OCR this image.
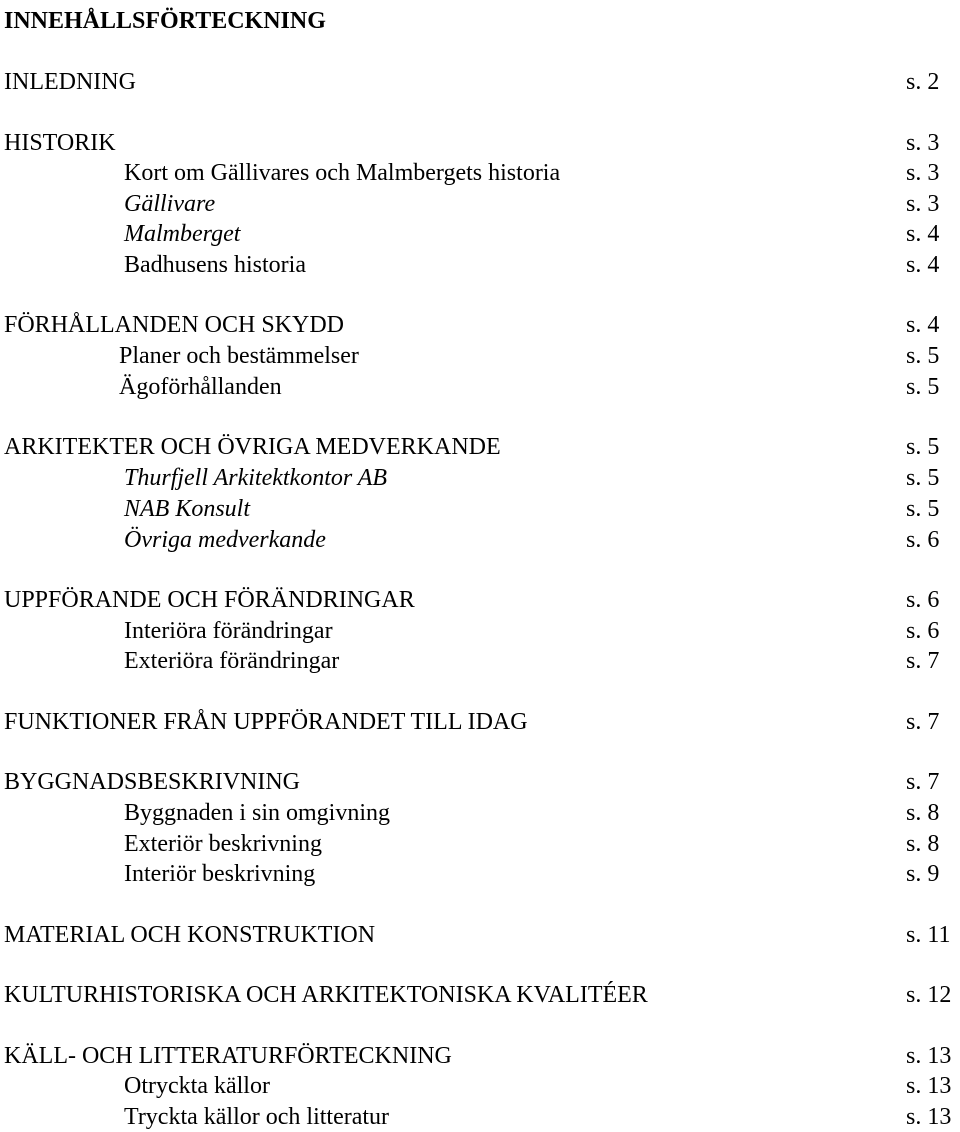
INNEHÅLLSFÖRTECKNING
INLEDNING	s. 2
HISTORIK	s. 3
Kort om Gällivares och Malmbergets historia	s. 3
Gällivare	s. 3
Malmberget	s. 4
Badhusens historia	s. 4
FÖRHÅLLANDEN OCH SKYDD	s. 4
Planer och bestämmelser	s. 5
Ägoförhållanden	s. 5
ARKITEKTER OCH ÖVRIGA MEDVERKANDE	s. 5
Thurfjell Arkitektkontor AB	s. 5
NAB Konsult	s. 5
Övriga medverkande	s. 6
UPPFÖRANDE OCH FÖRÄNDRINGAR	s. 6
Interiöra förändringar	s. 6
Exteriöra förändringar	s. 7
FUNKTIONER FRÅN UPPFÖRANDET TILL IDAG	s. 7
BYGGNADSBESKRIVNING	s. 7
Byggnaden i sin omgivning	s. 8
Exteriör beskrivning	s. 8
Interiör beskrivning	s. 9
MATERIAL OCH KONSTRUKTION	s. 11
KULTURHISTORISKA OCH ARKITEKTONISKA KVALITÉER	s. 12
KÄLL- OCH LITTERATURFÖRTECKNING	s. 13
Otryckta källor	s. 13
Tryckta källor och litteratur	s. 13
